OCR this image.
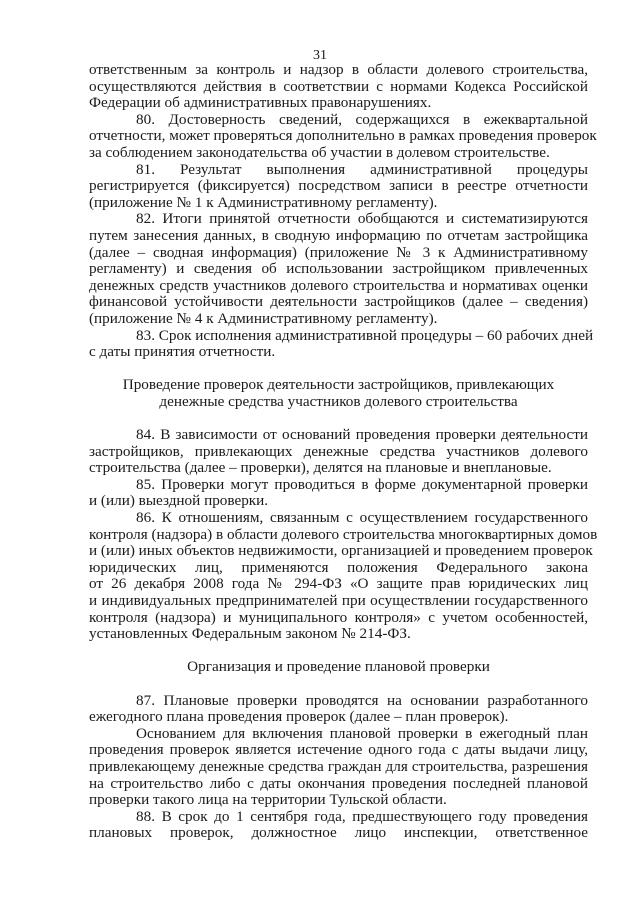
31
ответственным за контроль и надзор в области долевого строительства,
осуществляются действия в соответствии с нормами Кодекса Российской
Федерации об административных правонарушениях.
80. Достоверность сведений, содержащихся в ежеквартальной
отчетности, может проверяться дополнительно в рамках проведения проверок
за соблюдением законодательства об участии в долевом строительстве.
81. Результат выполнения административной процедуры
регистрируется (фиксируется) посредством записи в реестре отчетности
(приложение № 1 к Административному регламенту).
82. Итоги принятой отчетности обобщаются и систематизируются
путем занесения данных, в сводную информацию по отчетам застройщика
(далее – сводная информация) (приложение № 3 к Административному
регламенту) и сведения об использовании застройщиком привлеченных
денежных средств участников долевого строительства и нормативах оценки
финансовой устойчивости деятельности застройщиков (далее – сведения)
(приложение № 4 к Административному регламенту).
83. Срок исполнения административной процедуры – 60 рабочих дней
с даты принятия отчетности.
Проведение проверок деятельности застройщиков, привлекающих
денежные средства участников долевого строительства
84. В зависимости от оснований проведения проверки деятельности
застройщиков, привлекающих денежные средства участников долевого
строительства (далее – проверки), делятся на плановые и внеплановые.
85. Проверки могут проводиться в форме документарной проверки
и (или) выездной проверки.
86. К отношениям, связанным с осуществлением государственного
контроля (надзора) в области долевого строительства многоквартирных домов
и (или) иных объектов недвижимости, организацией и проведением проверок
юридических лиц, применяются положения Федерального закона
от 26 декабря 2008 года № 294-ФЗ «О защите прав юридических лиц
и индивидуальных предпринимателей при осуществлении государственного
контроля (надзора) и муниципального контроля» с учетом особенностей,
установленных Федеральным законом № 214-ФЗ.
Организация и проведение плановой проверки
87. Плановые проверки проводятся на основании разработанного
ежегодного плана проведения проверок (далее – план проверок).
Основанием для включения плановой проверки в ежегодный план
проведения проверок является истечение одного года с даты выдачи лицу,
привлекающему денежные средства граждан для строительства, разрешения
на строительство либо с даты окончания проведения последней плановой
проверки такого лица на территории Тульской области.
88. В срок до 1 сентября года, предшествующего году проведения
плановых проверок, должностное лицо инспекции, ответственное
